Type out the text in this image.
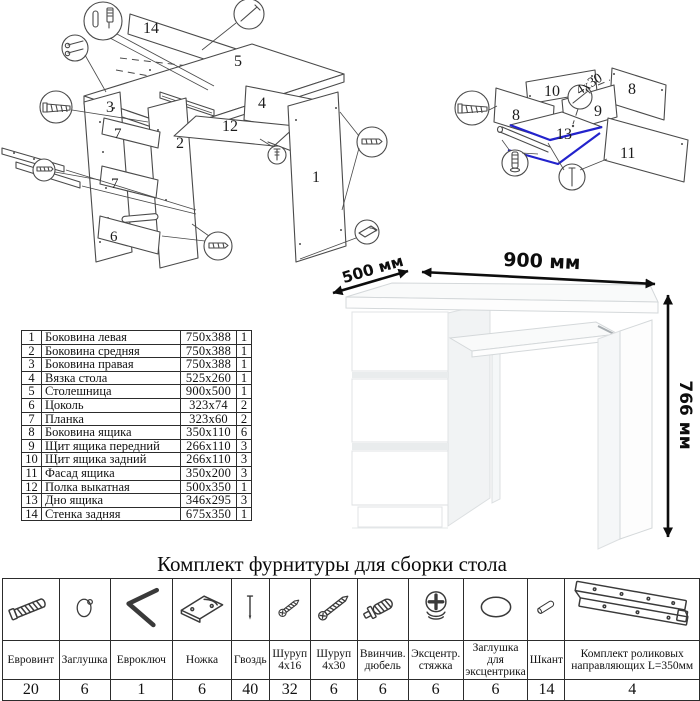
14
5
3
7
7
2
4
12
6
1
4x30
10	8
8	9
13
11
900 мм
500 мм
766 мм
1	Боковина левая	750x388	1
2	Боковина средняя	750x388	1
3	Боковина правая	750x388	1
4	Вязка стола	525x260	1
5	Столешница	900x500	1
6	Цоколь	323x74	2
7	Планка	323x60	2
8	Боковина ящика	350x110	6
9	Щит ящика передний	266x110	3
10	Щит ящика задний	266x110	3
11	Фасад ящика	350x200	3
12	Полка выкатная	500x350	1
13	Дно ящика	346x295	3
14	Стенка задняя	675x350	1
Комплект фурнитуры для сборки стола

Евровинт	Заглушка	Евроключ	Ножка	Гвоздь	Шуруп 4x16	Шуруп 4x30	Ввинчив. дюбель	Эксцентр. стяжка	Заглушка для эксцентрика	Шкант	Комплект роликовых направляющих L=350мм
20	6	1	6	40	32	6	6	6	6	14	4
